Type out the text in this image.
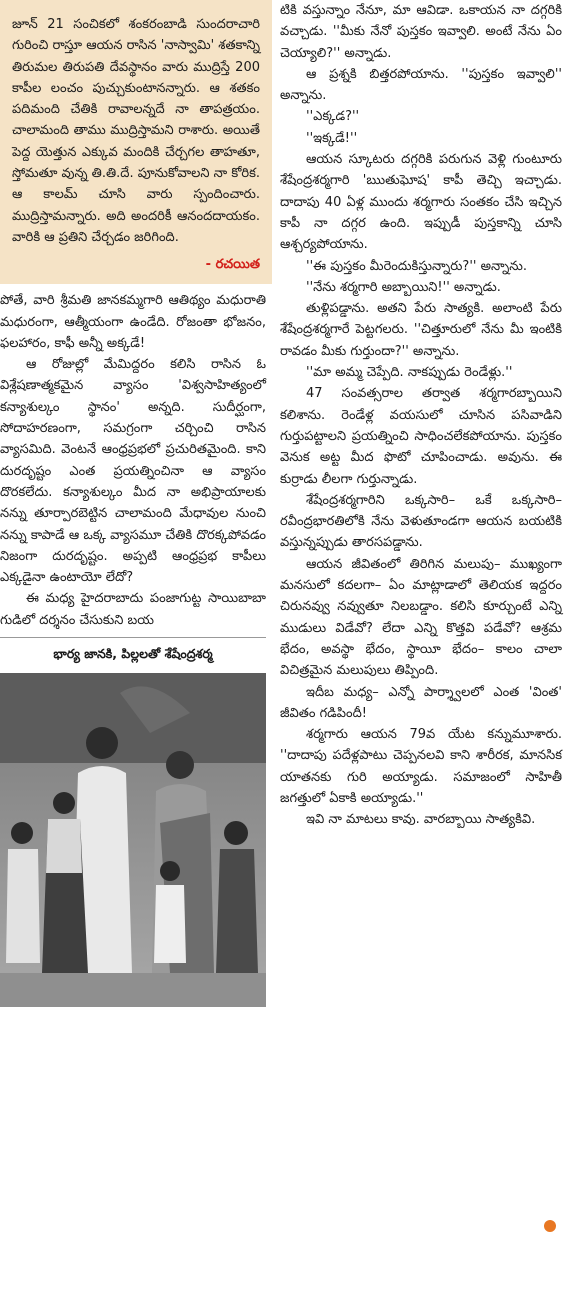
జూన్ 21 సంచికలో శంకరంబాడి సుందరాచారి గురించి రాస్తూ ఆయన రాసిన 'నాస్వామి' శతకాన్ని తిరుమల తిరుపతి దేవస్థానం వారు ముద్రిస్తే 200 కాపీల లంచం పుచ్చుకుంటానన్నారు. ఆ శతకం పదిమంది చేతికి రావాలన్నదే నా తాపత్రయం. చాలామంది తాము ముద్రిస్తామని రాశారు. అయితే పెద్ద యెత్తున ఎక్కువ మందికి చేర్చగల తాహతూ, స్తోమతూ వున్న తి.తి.దే. పూనుకోవాలని నా కోరిక. ఆ కాలమ్ చూసి వారు స్పందించారు. ముద్రిస్తామన్నారు. అది అందరికీ ఆనందదాయకం. వారికి ఆ ప్రతిని చేర్చడం జరిగింది.

- రచయిత

పోతే, వారి శ్రీమతి జానకమ్మగారి ఆతిథ్యం మధురాతి మధురంగా, ఆత్మీయంగా ఉండేది. రోజంతా భోజనం, ఫలహారం, కాఫీ అన్నీ అక్కడే!

ఆ రోజుల్లో మేమిద్దరం కలిసి రాసిన ఓ విశ్లేషణాత్మకమైన వ్యాసం 'విశ్వసాహిత్యంలో కన్యాశుల్కం స్థానం' అన్నది. సుదీర్ఘంగా, సోదాహరణంగా, సమగ్రంగా చర్చించి రాసిన వ్యాసమిది. వెంటనే ఆంధ్రప్రభలో ప్రచురితమైంది. కాని దురదృష్టం ఎంత ప్రయత్నించినా ఆ వ్యాసం దొరకలేదు. కన్యాశుల్కం మీద నా అభిప్రాయాలకు నన్ను తూర్పారబెట్టిన చాలామంది మేధావుల నుంచి నన్ను కాపాడే ఆ ఒక్క వ్యాసమూ చేతికి దొరక్కపోవడం నిజంగా దురదృష్టం. అప్పటి ఆంధ్రప్రభ కాపీలు ఎక్కడైనా ఉంటాయో లేదో?

ఈ మధ్య హైదరాబాదు పంజాగుట్ట సాయిబాబా గుడిలో దర్శనం చేసుకుని బయ

భార్య జానకి, పిల్లలతో శేషేంద్రశర్మ

టికి వస్తున్నాం నేనూ, మా ఆవిడా. ఒకాయన నా దగ్గరికి వచ్చాడు. ''మీకు నేనో పుస్తకం ఇవ్వాలి. అంటే నేను ఏం చెయ్యాలి?'' అన్నాడు.

ఆ ప్రశ్నకి బిత్తరపోయాను. ''పుస్తకం ఇవ్వాలి'' అన్నాను.

''ఎక్కడ?''

''ఇక్కడే!''

ఆయన స్కూటరు దగ్గరికి పరుగున వెళ్లి గుంటూరు శేషేంద్రశర్మగారి 'ఋతుఘోష' కాపీ తెచ్చి ఇచ్చాడు. దాదాపు 40 ఏళ్ల ముందు శర్మగారు సంతకం చేసి ఇచ్చిన కాపీ నా దగ్గర ఉంది. ఇప్పుడీ పుస్తకాన్ని చూసి ఆశ్చర్యపోయాను.

''ఈ పుస్తకం మీరెందుకిస్తున్నారు?'' అన్నాను.

''నేను శర్మగారి అబ్బాయిని!'' అన్నాడు.

తుళ్లిపడ్డాను. అతని పేరు సాత్యకి. అలాంటి పేరు శేషేంద్రశర్మగారే పెట్టగలరు. ''చిత్తూరులో నేను మీ ఇంటికి రావడం మీకు గుర్తుందా?'' అన్నాను.

''మా అమ్మ చెప్పేది. నాకప్పుడు రెండేళ్లు.''

47 సంవత్సరాల తర్వాత శర్మగారబ్బాయిని కలిశాను. రెండేళ్ల వయసులో చూసిన పసివాడిని గుర్తుపట్టాలని ప్రయత్నించి సాధించలేకపోయాను. పుస్తకం వెనుక అట్ట మీద ఫొటో చూపించాడు. అవును. ఈ కుర్రాడు లీలగా గుర్తున్నాడు.

శేషేంద్రశర్మగారిని ఒక్కసారి– ఒకే ఒక్కసారి– రవీంద్రభారతిలోకి నేను వెళుతూండగా ఆయన బయటికి వస్తున్నప్పుడు తారసపడ్డాను.

ఆయన జీవితంలో తిరిగిన మలుపు– ముఖ్యంగా మనసులో కదలగా– ఏం మాట్లాడాలో తెలియక ఇద్దరం చిరునవ్వు నవ్వుతూ నిలబడ్డాం. కలిసి కూర్చుంటే ఎన్ని ముడులు విడేవో? లేదా ఎన్ని కొత్తవి పడేవో? ఆశ్రమ భేదం, అవస్థా భేదం, స్థాయీ భేదం– కాలం చాలా విచిత్రమైన మలుపులు తిప్పింది.

ఇదీబ మధ్య– ఎన్నో పార్శ్వాలలో ఎంత 'వింత' జీవితం గడిపిందీ!

శర్మగారు ఆయన 79వ యేట కన్నుమూశారు. ''దాదాపు పదేళ్లపాటు చెప్పనలవి కాని శారీరక, మానసిక యాతనకు గురి అయ్యాడు. సమాజంలో సాహితీ జగత్తులో ఏకాకి అయ్యాడు.''

ఇవి నా మాటలు కావు. వారబ్బాయి సాత్యకివి.
